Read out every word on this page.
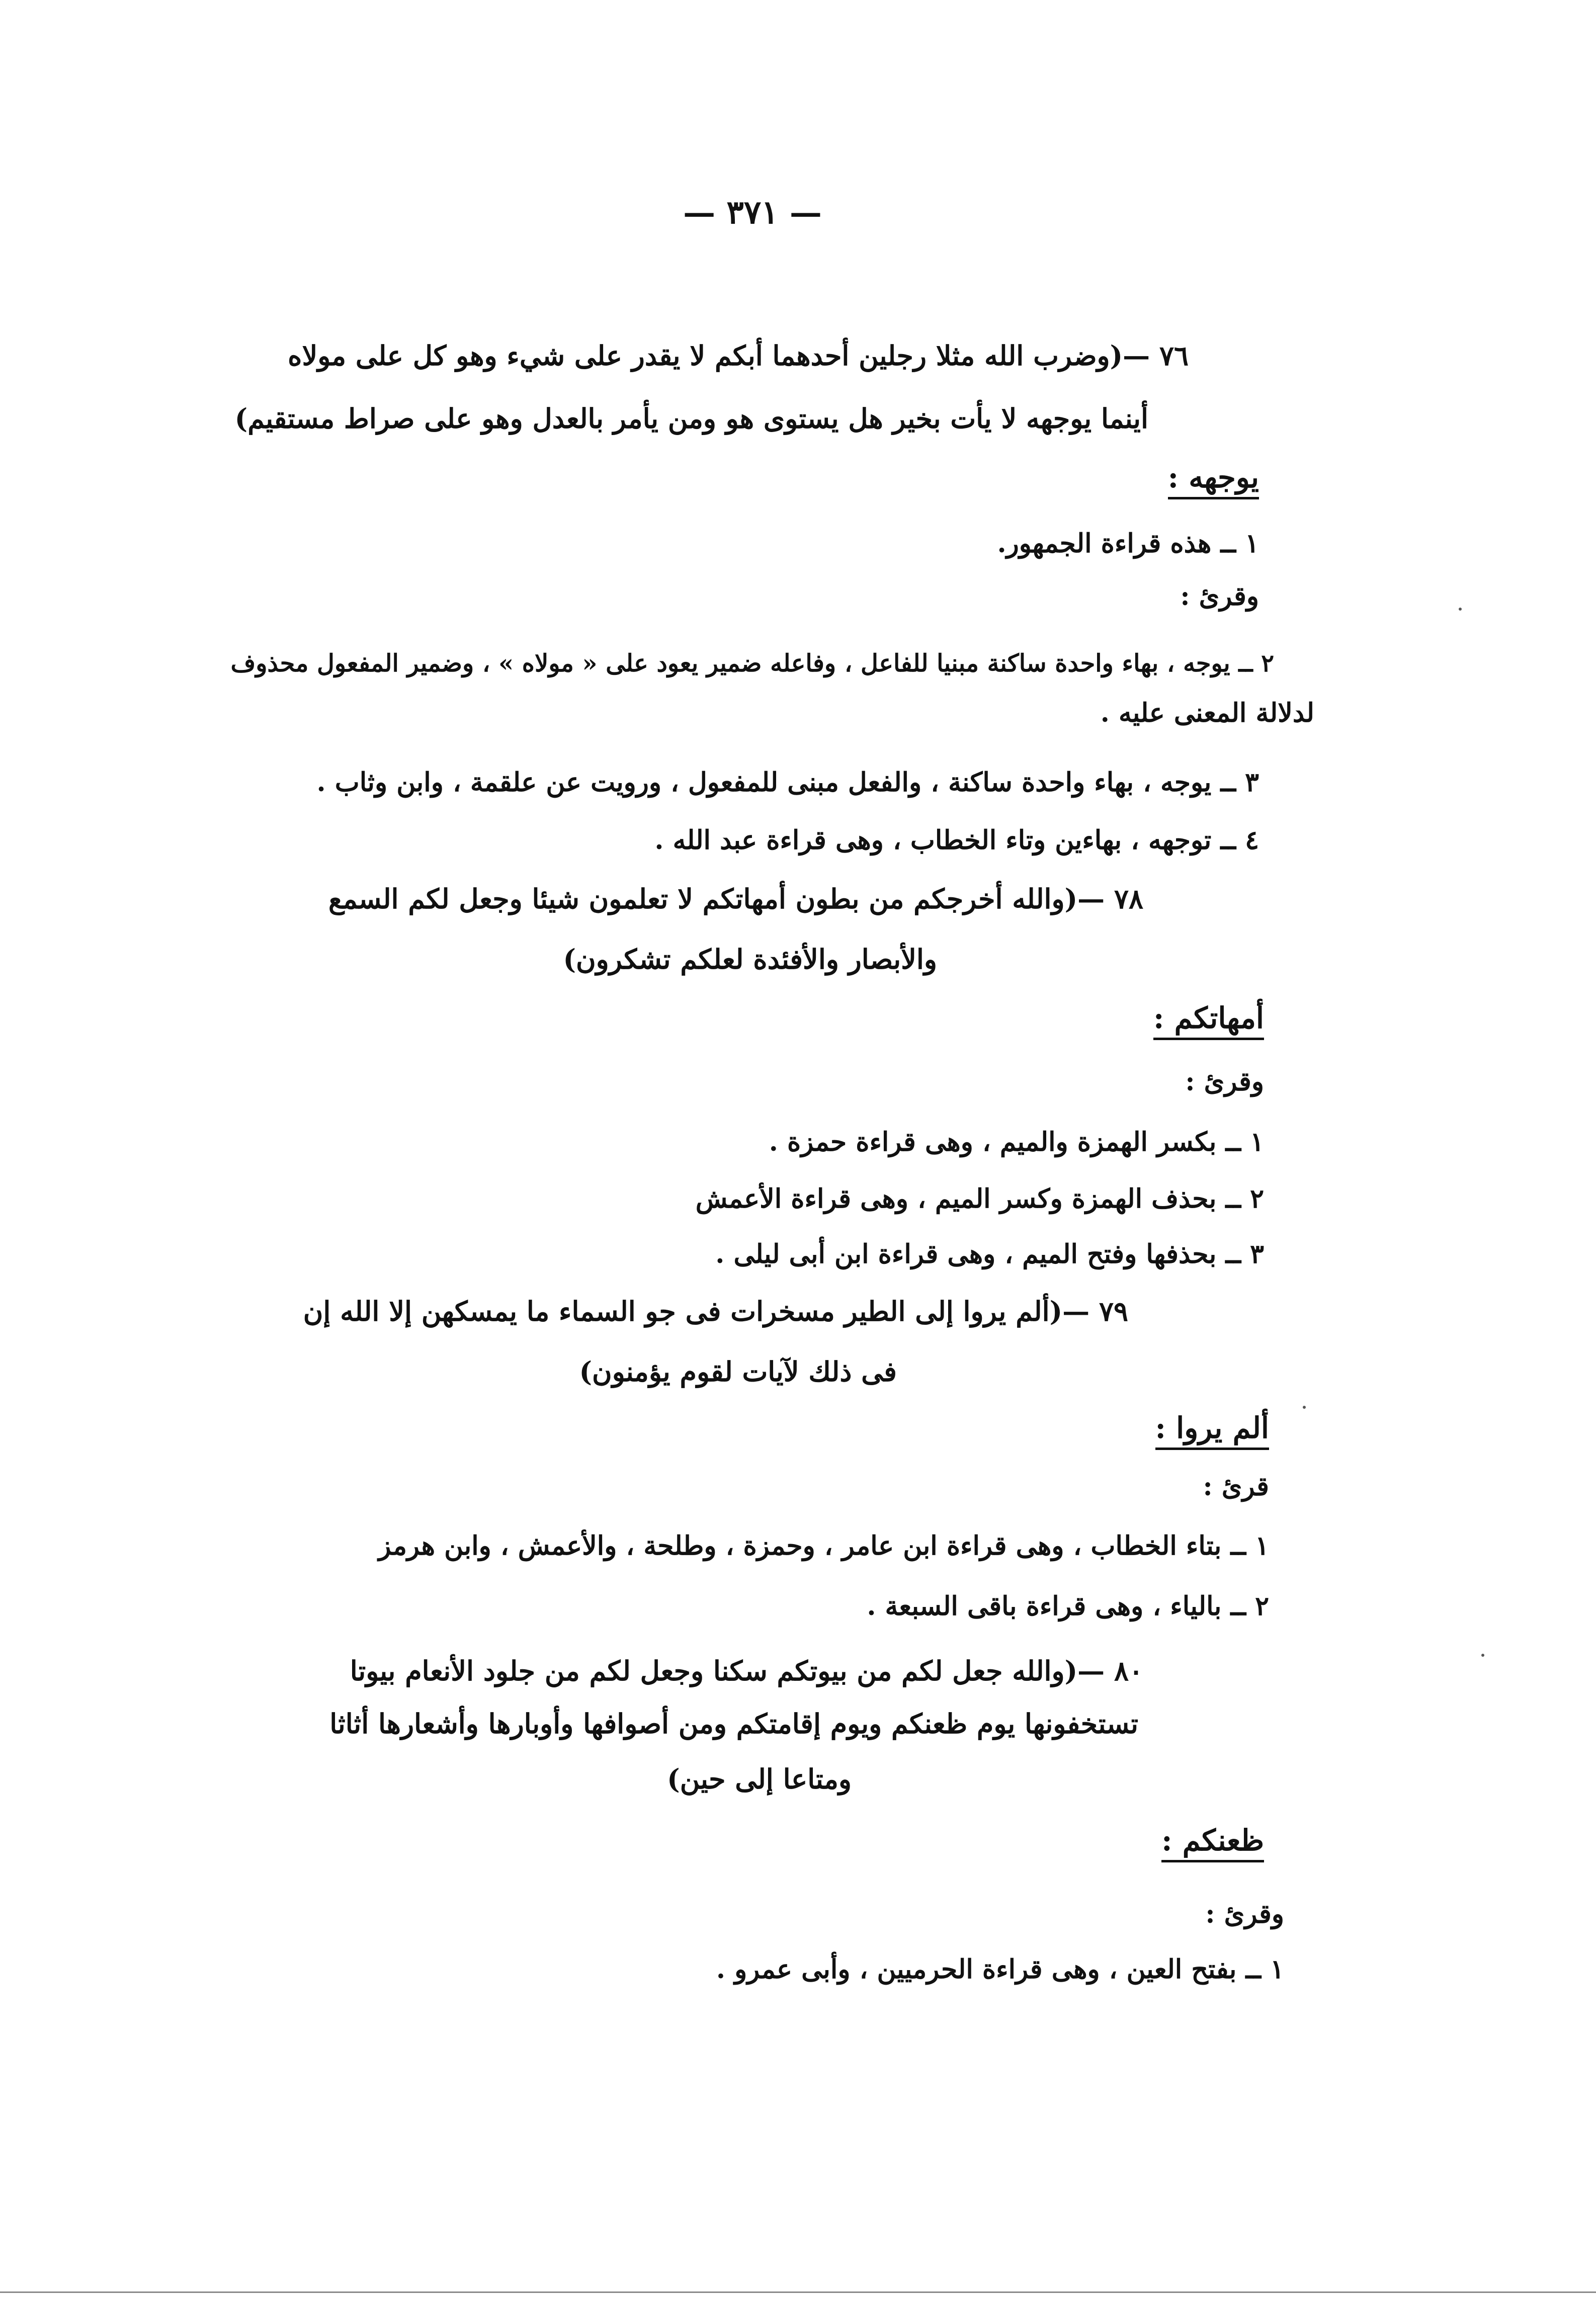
— ٣٧١ —
٧٦ —(وضرب الله مثلا رجلين أحدهما أبكم لا يقدر على شيء وهو كل على مولاه
أينما يوجهه لا يأت بخير هل يستوى هو ومن يأمر بالعدل وهو على صراط مستقيم)
يوجهه :
١ ــ هذه قراءة الجمهور.
وقرئ :
٢ ــ يوجه ، بهاء واحدة ساكنة مبنيا للفاعل ، وفاعله ضمير يعود على « مولاه » ، وضمير المفعول محذوف
لدلالة المعنى عليه .
٣ ــ يوجه ، بهاء واحدة ساكنة ، والفعل مبنى للمفعول ، ورويت عن علقمة ، وابن وثاب .
٤ ــ توجهه ، بهاءين وتاء الخطاب ، وهى قراءة عبد الله .
٧٨ —(والله أخرجكم من بطون أمهاتكم لا تعلمون شيئا وجعل لكم السمع
والأبصار والأفئدة لعلكم تشكرون)
أمهاتكم :
وقرئ :
١ ــ بكسر الهمزة والميم ، وهى قراءة حمزة .
٢ ــ بحذف الهمزة وكسر الميم ، وهى قراءة الأعمش
٣ ــ بحذفها وفتح الميم ، وهى قراءة ابن أبى ليلى .
٧٩ —(ألم يروا إلى الطير مسخرات فى جو السماء ما يمسكهن إلا الله إن
فى ذلك لآيات لقوم يؤمنون)
ألم يروا :
قرئ :
١ ــ بتاء الخطاب ، وهى قراءة ابن عامر ، وحمزة ، وطلحة ، والأعمش ، وابن هرمز
٢ ــ بالياء ، وهى قراءة باقى السبعة .
٨٠ —(والله جعل لكم من بيوتكم سكنا وجعل لكم من جلود الأنعام بيوتا
تستخفونها يوم ظعنكم ويوم إقامتكم ومن أصوافها وأوبارها وأشعارها أثاثا
ومتاعا إلى حين)
ظعنكم :
وقرئ :
١ ــ بفتح العين ، وهى قراءة الحرميين ، وأبى عمرو .
